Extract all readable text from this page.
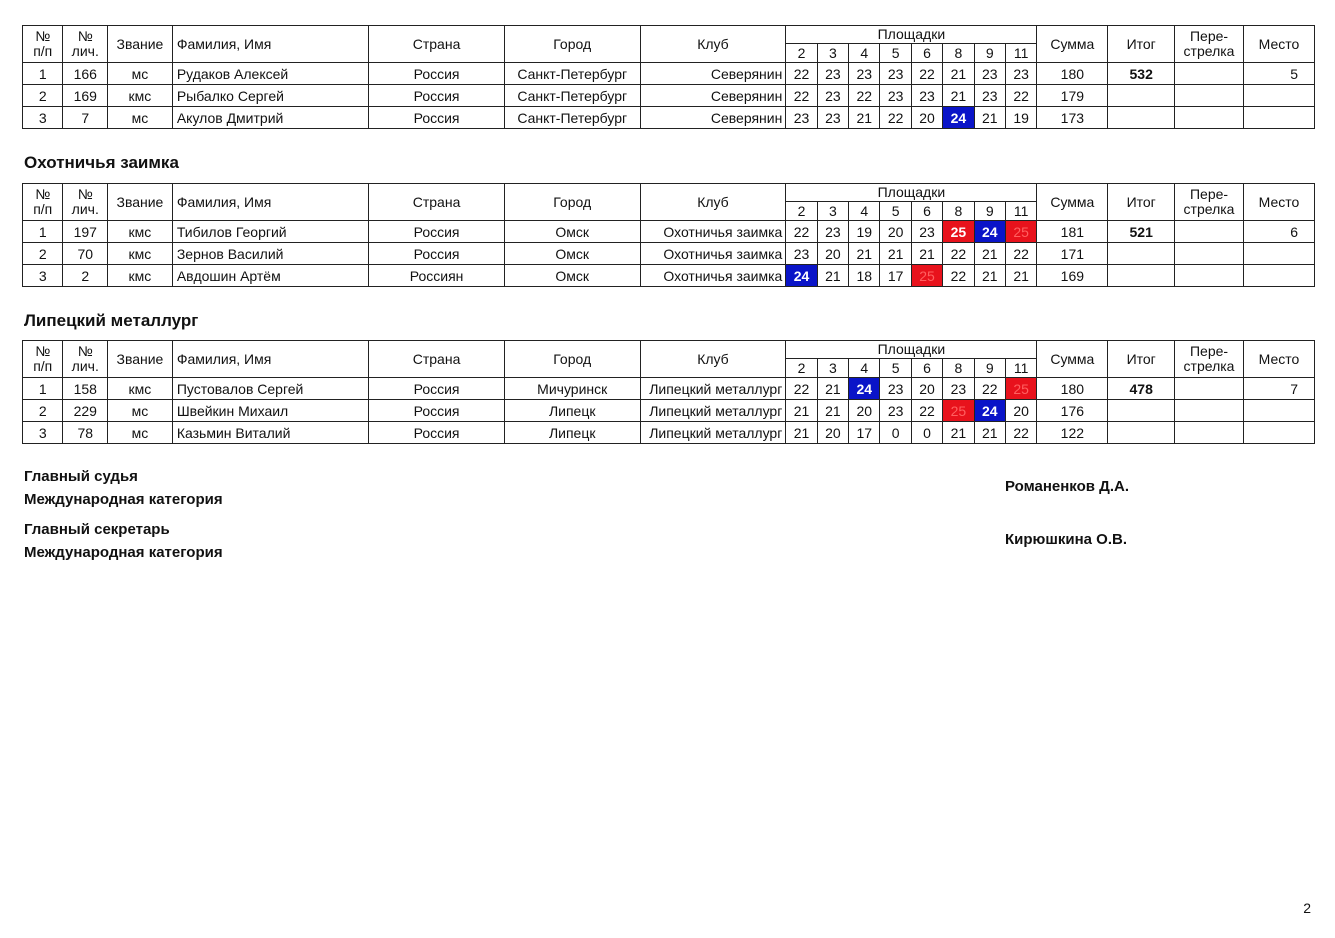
№
п/п	№
лич.	Звание	Фамилия, Имя	Страна	Город	Клуб	Площадки								Сумма	Итог	Пере-
стрелка	Место
							2	3	4	5	6	8	9	11				
1	166	мс	Рудаков Алексей	Россия	Санкт-Петербург	Северянин	22	23	23	23	22	21	23	23	180	532		5
2	169	кмс	Рыбалко Сергей	Россия	Санкт-Петербург	Северянин	22	23	22	23	23	21	23	22	179			
3	7	мс	Акулов Дмитрий	Россия	Санкт-Петербург	Северянин	23	23	21	22	20	24	21	19	173			
Охотничья заимка
№
п/п	№
лич.	Звание	Фамилия, Имя	Страна	Город	Клуб	Площадки								Сумма	Итог	Пере-
стрелка	Место
							2	3	4	5	6	8	9	11				
1	197	кмс	Тибилов Георгий	Россия	Омск	Охотничья заимка	22	23	19	20	23	25	24	25	181	521		6
2	70	кмс	Зернов Василий	Россия	Омск	Охотничья заимка	23	20	21	21	21	22	21	22	171			
3	2	кмс	Авдошин Артём	Россиян	Омск	Охотничья заимка	24	21	18	17	25	22	21	21	169			
Липецкий металлург
№
п/п	№
лич.	Звание	Фамилия, Имя	Страна	Город	Клуб	Площадки								Сумма	Итог	Пере-
стрелка	Место
							2	3	4	5	6	8	9	11				
1	158	кмс	Пустовалов Сергей	Россия	Мичуринск	Липецкий металлург	22	21	24	23	20	23	22	25	180	478		7
2	229	мс	Швейкин Михаил	Россия	Липецк	Липецкий металлург	21	21	20	23	22	25	24	20	176			
3	78	мс	Казьмин Виталий	Россия	Липецк	Липецкий металлург	21	20	17	0	0	21	21	22	122			
Главный судья
Международная категория
Романенков Д.А.
Главный секретарь
Международная категория
Кирюшкина О.В.
2
